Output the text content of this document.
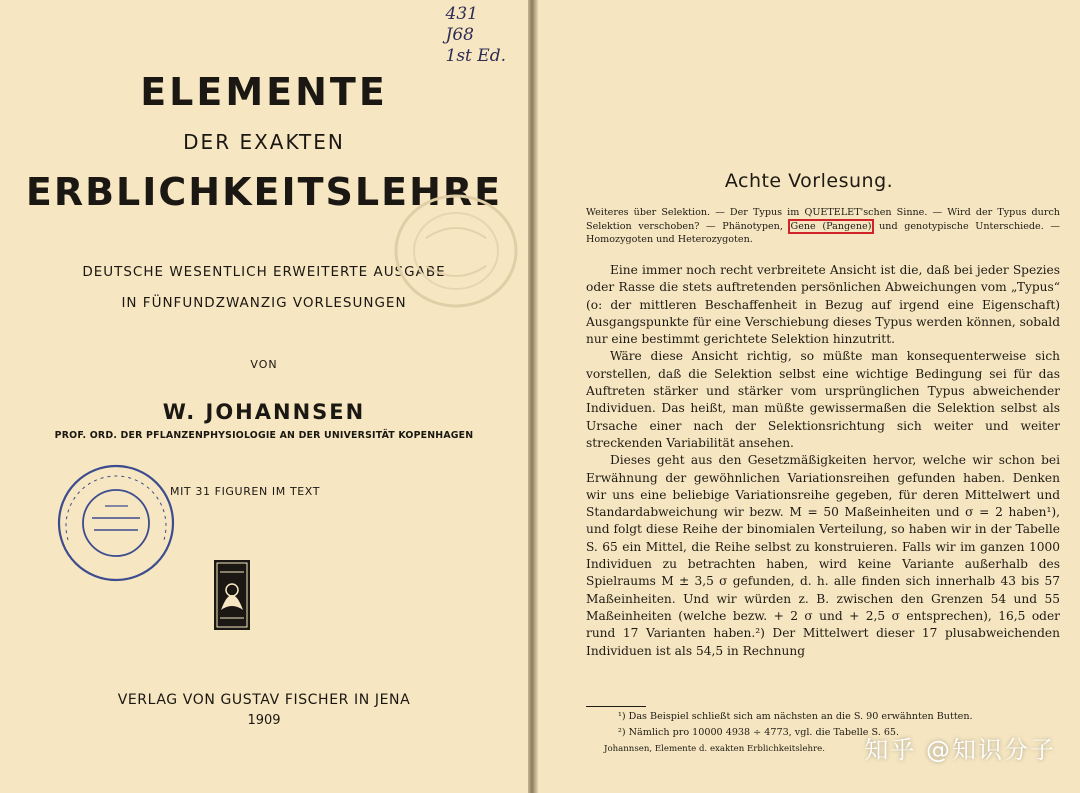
431
J68
1st Ed.
ELEMENTE
DER EXAKTEN
ERBLICHKEITSLEHRE
DEUTSCHE WESENTLICH ERWEITERTE AUSGABE
IN FÜNFUNDZWANZIG VORLESUNGEN
VON
W. JOHANNSEN
PROF. ORD. DER PFLANZENPHYSIOLOGIE AN DER UNIVERSITÄT KOPENHAGEN
MIT 31 FIGUREN IM TEXT
VERLAG VON GUSTAV FISCHER IN JENA
1909
Achte Vorlesung.
Weiteres über Selektion. — Der Typus im QUETELET'schen Sinne. — Wird der Typus durch Selektion verschoben? — Phänotypen, Gene (Pangene) und genotypische Unterschiede. — Homozygoten und Heterozygoten.

Eine immer noch recht verbreitete Ansicht ist die, daß bei jeder Spezies oder Rasse die stets auftretenden persönlichen Abweichungen vom „Typus“ (o: der mittleren Beschaffenheit in Bezug auf irgend eine Eigenschaft) Ausgangspunkte für eine Verschiebung dieses Typus werden können, sobald nur eine bestimmt gerichtete Selektion hinzutritt.

Wäre diese Ansicht richtig, so müßte man konsequenterweise sich vorstellen, daß die Selektion selbst eine wichtige Bedingung sei für das Auftreten stärker und stärker vom ursprünglichen Typus abweichender Individuen. Das heißt, man müßte gewissermaßen die Selektion selbst als Ursache einer nach der Selektionsrichtung sich weiter und weiter streckenden Variabilität ansehen.

Dieses geht aus den Gesetzmäßigkeiten hervor, welche wir schon bei Erwähnung der gewöhnlichen Variationsreihen gefunden haben. Denken wir uns eine beliebige Variationsreihe gegeben, für deren Mittelwert und Standardabweichung wir bezw. M = 50 Maßeinheiten und σ = 2 haben¹), und folgt diese Reihe der binomialen Verteilung, so haben wir in der Tabelle S. 65 ein Mittel, die Reihe selbst zu konstruieren. Falls wir im ganzen 1000 Individuen zu betrachten haben, wird keine Variante außerhalb des Spielraums M ± 3,5 σ gefunden, d. h. alle finden sich innerhalb 43 bis 57 Maßeinheiten. Und wir würden z. B. zwischen den Grenzen 54 und 55 Maßeinheiten (welche bezw. + 2 σ und + 2,5 σ entsprechen), 16,5 oder rund 17 Varianten haben.²) Der Mittelwert dieser 17 plusabweichenden Individuen ist als 54,5 in Rechnung

¹) Das Beispiel schließt sich am nächsten an die S. 90 erwähnten Butten.
²) Nämlich pro 10000 4938 ÷ 4773, vgl. die Tabelle S. 65.
Johannsen, Elemente d. exakten Erblichkeitslehre. 知乎 @知识分子
